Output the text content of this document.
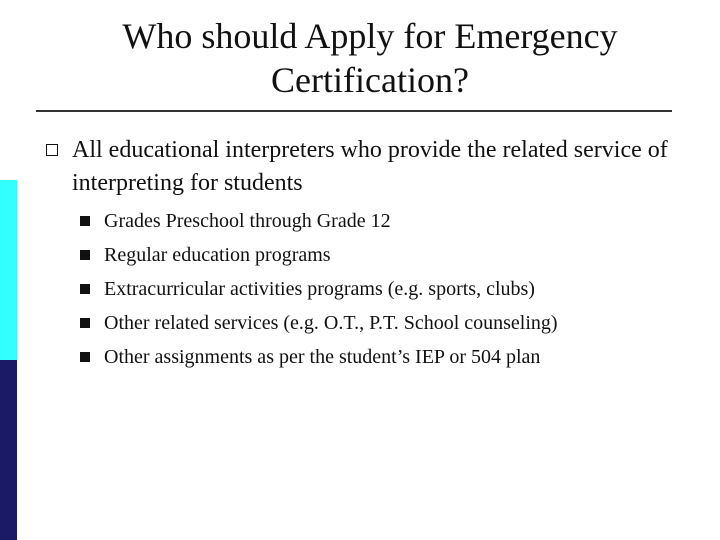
Who should Apply for Emergency
Certification?
All educational interpreters who provide the related service of interpreting for students
Grades Preschool through Grade 12
Regular education programs
Extracurricular activities programs (e.g. sports, clubs)
Other related services (e.g. O.T., P.T. School counseling)
Other assignments as per the student’s IEP or 504 plan
